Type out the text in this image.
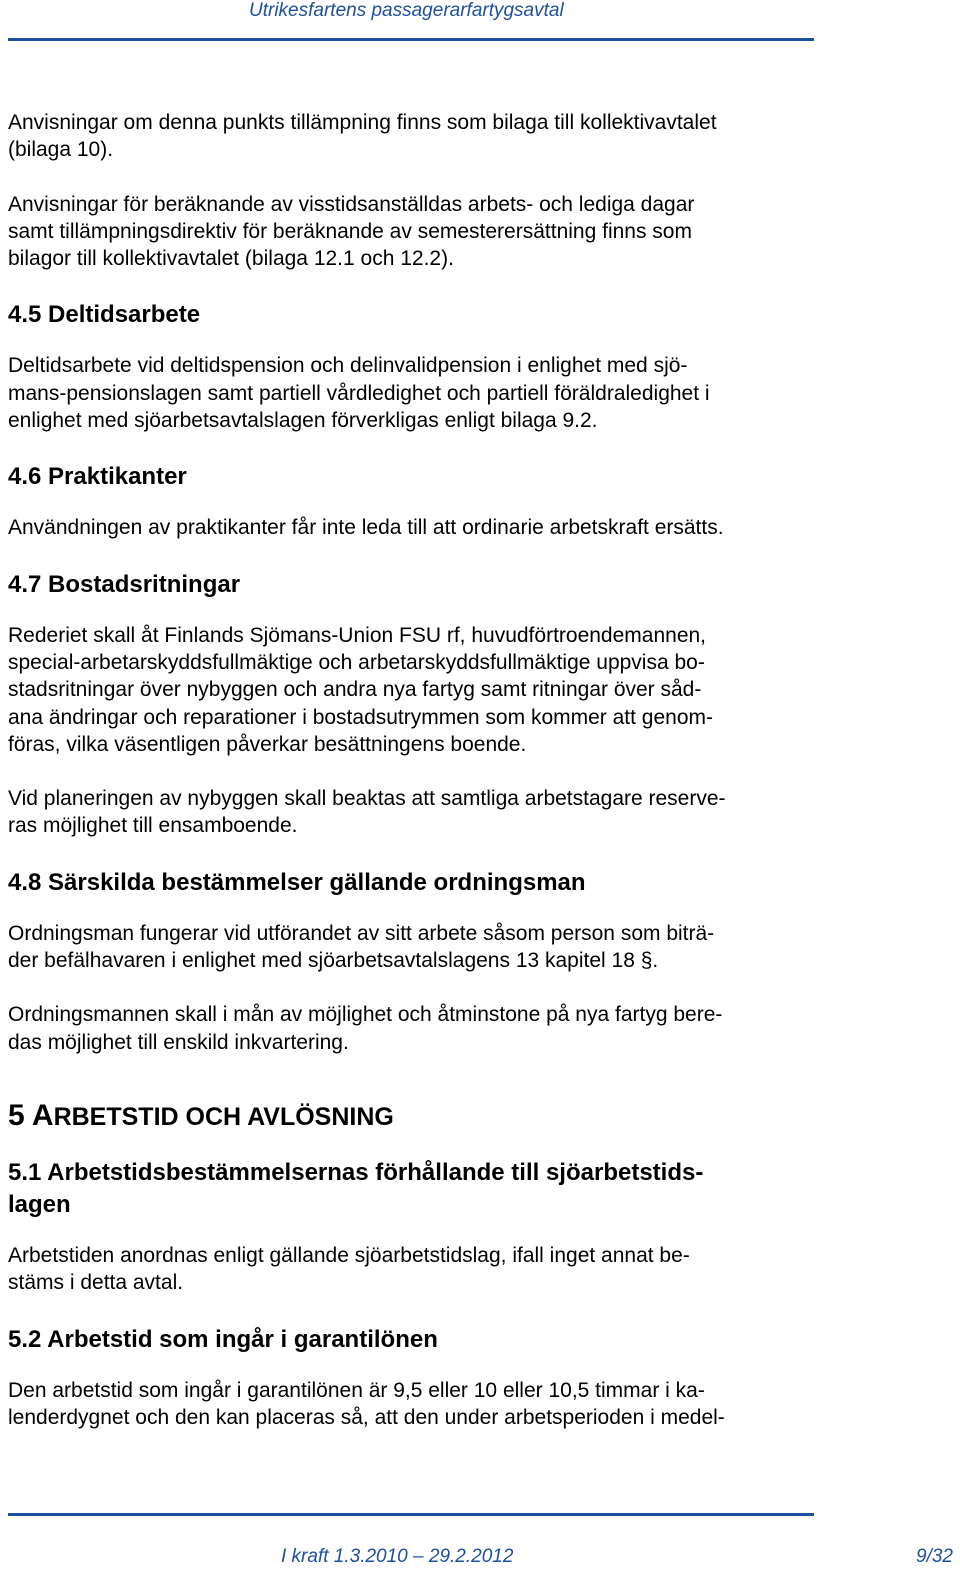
Utrikesfartens passagerarfartygsavtal
Anvisningar om denna punkts tillämpning finns som bilaga till kollektivavtalet
(bilaga 10).
Anvisningar för beräknande av visstidsanställdas arbets- och lediga dagar
samt tillämpningsdirektiv för beräknande av semesterersättning finns som
bilagor till kollektivavtalet (bilaga 12.1 och 12.2).
4.5 Deltidsarbete
Deltidsarbete vid deltidspension och delinvalidpension i enlighet med sjö-
mans-pensionslagen samt partiell vårdledighet och partiell föräldraledighet i
enlighet med sjöarbetsavtalslagen förverkligas enligt bilaga 9.2.
4.6 Praktikanter
Användningen av praktikanter får inte leda till att ordinarie arbetskraft ersätts.
4.7 Bostadsritningar
Rederiet skall åt Finlands Sjömans-Union FSU rf, huvudförtroendemannen,
special-arbetarskyddsfullmäktige och arbetarskyddsfullmäktige uppvisa bo-
stadsritningar över nybyggen och andra nya fartyg samt ritningar över såd-
ana ändringar och reparationer i bostadsutrymmen som kommer att genom-
föras, vilka väsentligen påverkar besättningens boende.
Vid planeringen av nybyggen skall beaktas att samtliga arbetstagare reserve-
ras möjlighet till ensamboende.
4.8 Särskilda bestämmelser gällande ordningsman
Ordningsman fungerar vid utförandet av sitt arbete såsom person som biträ-
der befälhavaren i enlighet med sjöarbetsavtalslagens 13 kapitel 18 §.
Ordningsmannen skall i mån av möjlighet och åtminstone på nya fartyg bere-
das möjlighet till enskild inkvartering.
5 ARBETSTID OCH AVLÖSNING
5.1 Arbetstidsbestämmelsernas förhållande till sjöarbetstids-
lagen
Arbetstiden anordnas enligt gällande sjöarbetstidslag, ifall inget annat be-
stäms i detta avtal.
5.2 Arbetstid som ingår i garantilönen
Den arbetstid som ingår i garantilönen är 9,5 eller 10 eller 10,5 timmar i ka-
lenderdygnet och den kan placeras så, att den under arbetsperioden i medel-
I kraft 1.3.2010 – 29.2.2012	9/32
